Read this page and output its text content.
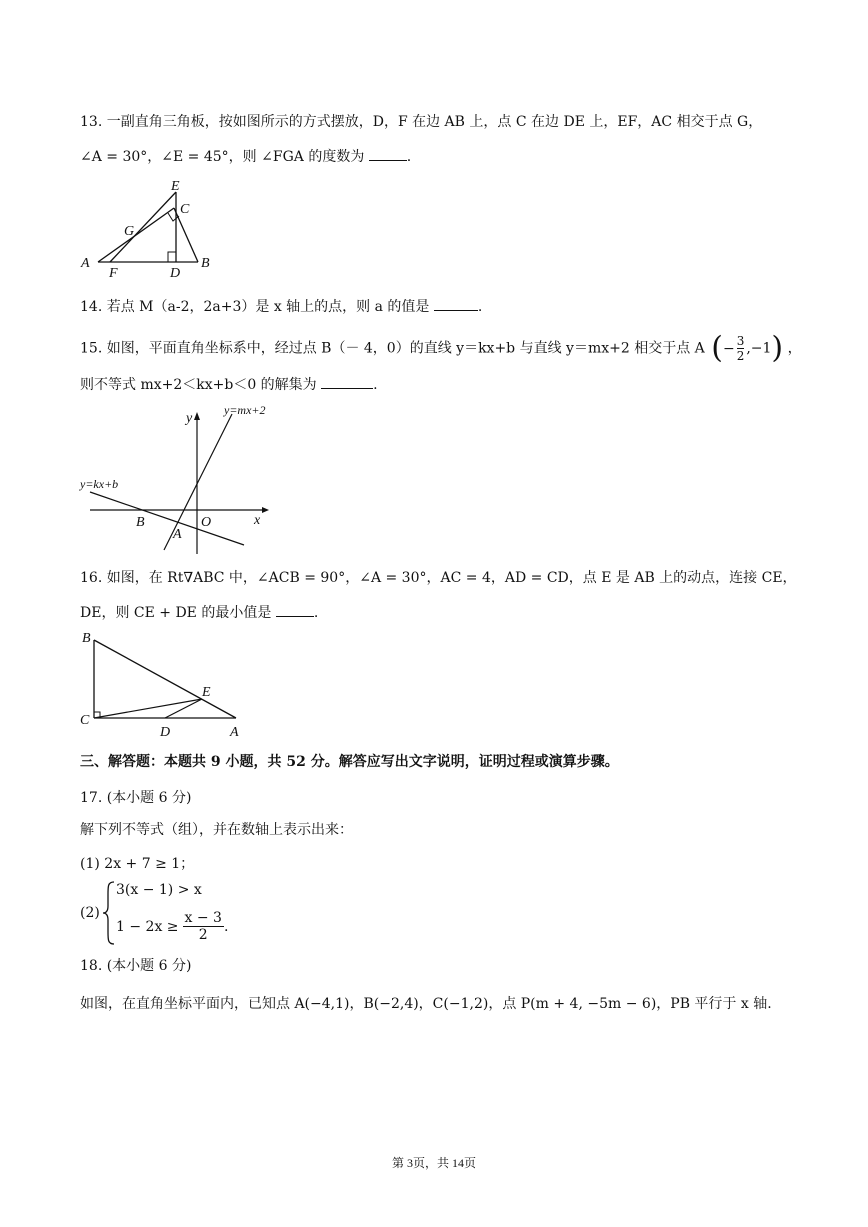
13. 一副直角三角板，按如图所示的方式摆放，D，F 在边 AB 上，点 C 在边 DE 上，EF，AC 相交于点 G，
∠A = 30°，∠E = 45°，则 ∠FGA 的度数为	.
E
C
G
A
F	D
B
14. 若点 M（a-2，2a+3）是 x 轴上的点，则 a 的值是	.
15. 如图，平面直角坐标系中，经过点 B（－ 4，0）的直线 y＝kx+b 与直线 y＝mx+2 相交于点 A (− $\frac{3}{2} ,-1$) ，
则不等式 mx+2＜kx+b＜0 的解集为	.
y
x
O
B
A
y=mx+2
y=kx+b
16. 如图，在 Rt∇ABC 中，∠ACB = 90°，∠A = 30°，AC = 4，AD = CD，点 E 是 AB 上的动点，连接 CE，
DE，则 CE + DE 的最小值是	.
B
E
C
D	A
三、解答题：本题共 9 小题，共 52 分。解答应写出文字说明，证明过程或演算步骤。
17. (本小题 6 分)
解下列不等式（组），并在数轴上表示出来：
(1) 2x + 7 ≥ 1；
(2)
3(x − 1) > x
$1 - 2x \ge \frac{x - 3}{2}$ .
18. (本小题 6 分)
如图，在直角坐标平面内，已知点 A(−4,1)，B(−2,4)，C(−1,2)，点 P(m + 4, −5m − 6)，PB 平行于 x 轴.
第 3页，共 14页
